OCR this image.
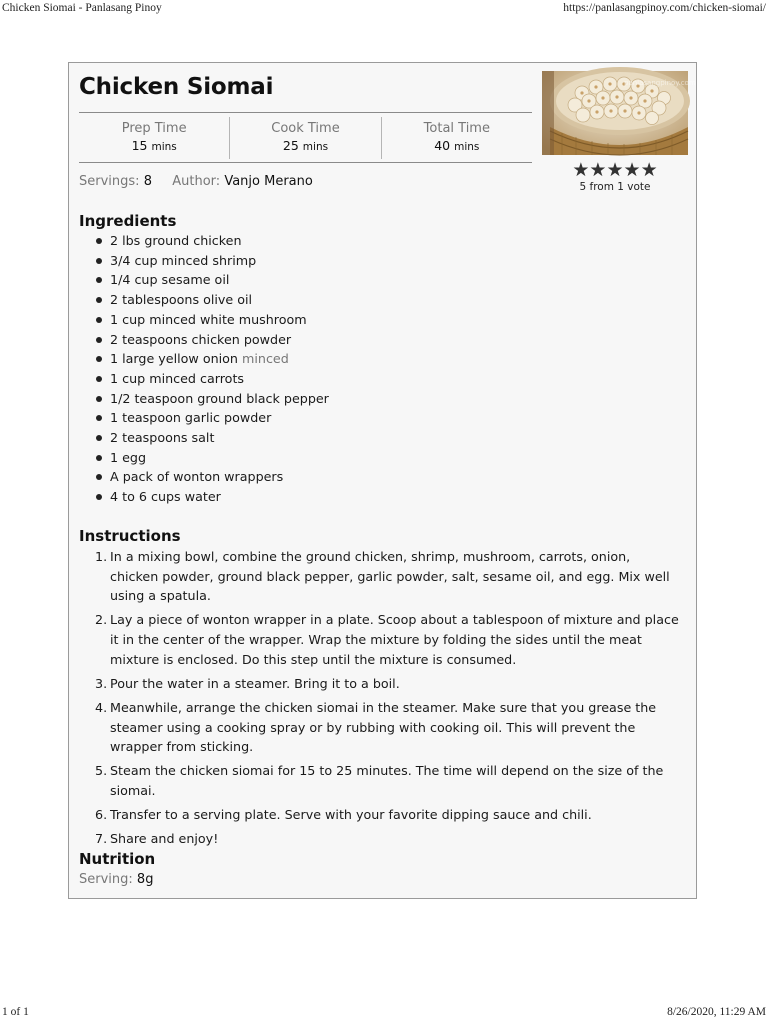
Chicken Siomai - Panlasang Pinoy	https://panlasangpinoy.com/chicken-siomai/
Chicken Siomai
Prep Time
15 mins
Cook Time
25 mins
Total Time
40 mins
Servings: 8 Author: Vanjo Merano
panlasangpinoy.com
★★★★★
5 from 1 vote
Ingredients
2 lbs ground chicken
3/4 cup minced shrimp
1/4 cup sesame oil
2 tablespoons olive oil
1 cup minced white mushroom
2 teaspoons chicken powder
1 large yellow onion minced
1 cup minced carrots
1/2 teaspoon ground black pepper
1 teaspoon garlic powder
2 teaspoons salt
1 egg
A pack of wonton wrappers
4 to 6 cups water
Instructions
1. In a mixing bowl, combine the ground chicken, shrimp, mushroom, carrots, onion, chicken powder, ground black pepper, garlic powder, salt, sesame oil, and egg. Mix well using a spatula.
2. Lay a piece of wonton wrapper in a plate. Scoop about a tablespoon of mixture and place it in the center of the wrapper. Wrap the mixture by folding the sides until the meat mixture is enclosed. Do this step until the mixture is consumed.
3. Pour the water in a steamer. Bring it to a boil.
4. Meanwhile, arrange the chicken siomai in the steamer. Make sure that you grease the steamer using a cooking spray or by rubbing with cooking oil. This will prevent the wrapper from sticking.
5. Steam the chicken siomai for 15 to 25 minutes. The time will depend on the size of the siomai.
6. Transfer to a serving plate. Serve with your favorite dipping sauce and chili.
7. Share and enjoy!
Nutrition
Serving: 8g
1 of 1	8/26/2020, 11:29 AM
